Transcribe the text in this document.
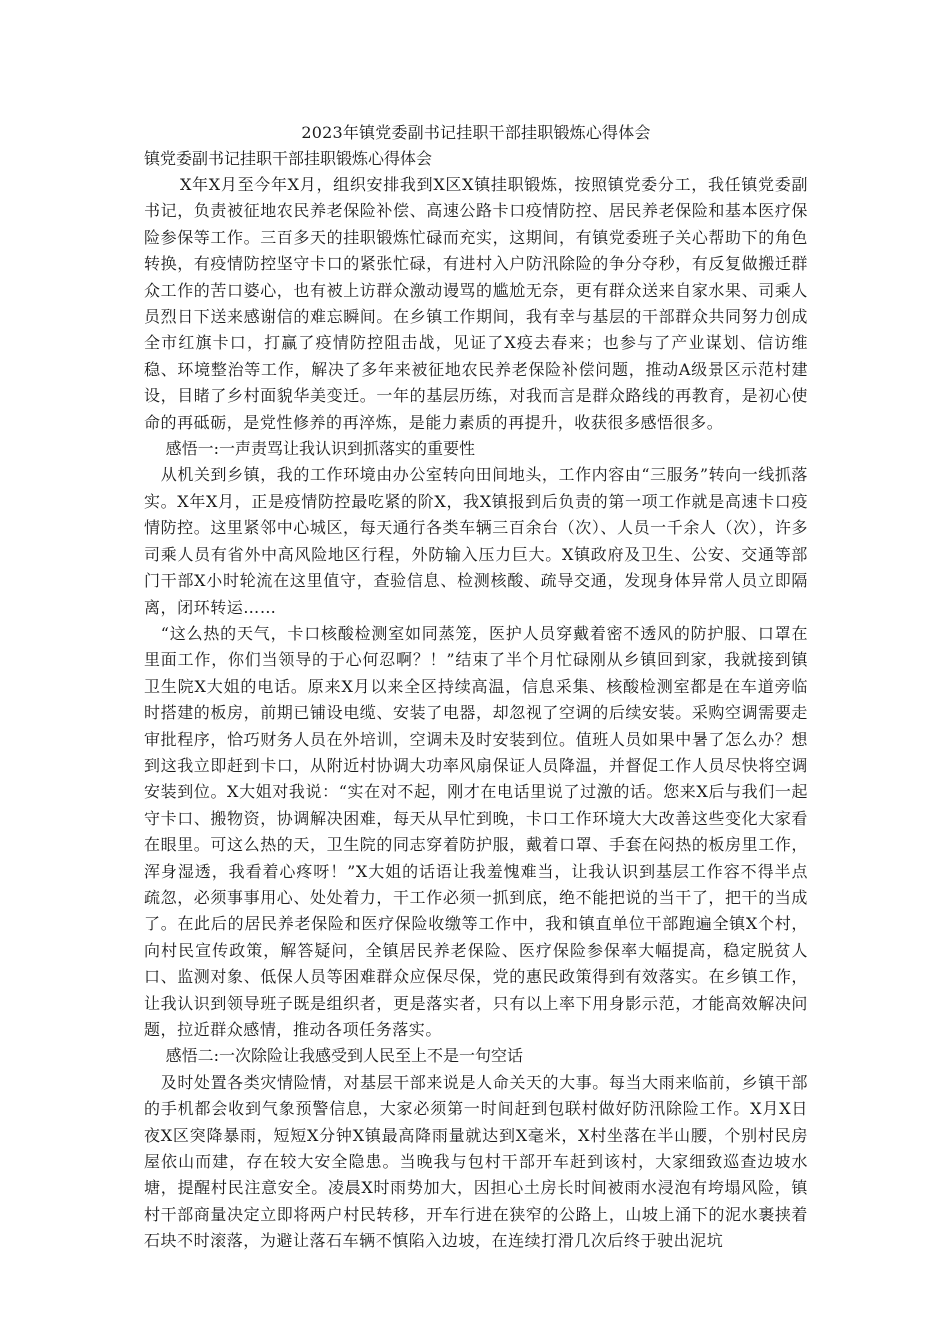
2023年镇党委副书记挂职干部挂职锻炼心得体会

镇党委副书记挂职干部挂职锻炼心得体会

X年X月至今年X月，组织安排我到X区X镇挂职锻炼，按照镇党委分工，我任镇党委副书记，负责被征地农民养老保险补偿、高速公路卡口疫情防控、居民养老保险和基本医疗保险参保等工作。三百多天的挂职锻炼忙碌而充实，这期间，有镇党委班子关心帮助下的角色转换，有疫情防控坚守卡口的紧张忙碌，有进村入户防汛除险的争分夺秒，有反复做搬迁群众工作的苦口婆心，也有被上访群众激动谩骂的尴尬无奈，更有群众送来自家水果、司乘人员烈日下送来感谢信的难忘瞬间。在乡镇工作期间，我有幸与基层的干部群众共同努力创成全市红旗卡口，打赢了疫情防控阻击战，见证了X疫去春来；也参与了产业谋划、信访维稳、环境整治等工作，解决了多年来被征地农民养老保险补偿问题，推动A级景区示范村建设，目睹了乡村面貌华美变迁。一年的基层历练，对我而言是群众路线的再教育，是初心使命的再砥砺，是党性修养的再淬炼，是能力素质的再提升，收获很多感悟很多。

感悟一:一声责骂让我认识到抓落实的重要性

从机关到乡镇，我的工作环境由办公室转向田间地头，工作内容由“三服务”转向一线抓落实。X年X月，正是疫情防控最吃紧的阶X，我X镇报到后负责的第一项工作就是高速卡口疫情防控。这里紧邻中心城区，每天通行各类车辆三百余台（次）、人员一千余人（次），许多司乘人员有省外中高风险地区行程，外防输入压力巨大。X镇政府及卫生、公安、交通等部门干部X小时轮流在这里值守，查验信息、检测核酸、疏导交通，发现身体异常人员立即隔离，闭环转运……

“这么热的天气，卡口核酸检测室如同蒸笼，医护人员穿戴着密不透风的防护服、口罩在里面工作，你们当领导的于心何忍啊？！”结束了半个月忙碌刚从乡镇回到家，我就接到镇卫生院X大姐的电话。原来X月以来全区持续高温，信息采集、核酸检测室都是在车道旁临时搭建的板房，前期已铺设电缆、安装了电器，却忽视了空调的后续安装。采购空调需要走审批程序，恰巧财务人员在外培训，空调未及时安装到位。值班人员如果中暑了怎么办？想到这我立即赶到卡口，从附近村协调大功率风扇保证人员降温，并督促工作人员尽快将空调安装到位。X大姐对我说：“实在对不起，刚才在电话里说了过激的话。您来X后与我们一起守卡口、搬物资，协调解决困难，每天从早忙到晚，卡口工作环境大大改善这些变化大家看在眼里。可这么热的天，卫生院的同志穿着防护服，戴着口罩、手套在闷热的板房里工作，浑身湿透，我看着心疼呀！”X大姐的话语让我羞愧难当，让我认识到基层工作容不得半点疏忽，必须事事用心、处处着力，干工作必须一抓到底，绝不能把说的当干了，把干的当成了。在此后的居民养老保险和医疗保险收缴等工作中，我和镇直单位干部跑遍全镇X个村，向村民宣传政策，解答疑问，全镇居民养老保险、医疗保险参保率大幅提高，稳定脱贫人口、监测对象、低保人员等困难群众应保尽保，党的惠民政策得到有效落实。在乡镇工作，让我认识到领导班子既是组织者，更是落实者，只有以上率下用身影示范，才能高效解决问题，拉近群众感情，推动各项任务落实。

感悟二:一次除险让我感受到人民至上不是一句空话

及时处置各类灾情险情，对基层干部来说是人命关天的大事。每当大雨来临前，乡镇干部的手机都会收到气象预警信息，大家必须第一时间赶到包联村做好防汛除险工作。X月X日夜X区突降暴雨，短短X分钟X镇最高降雨量就达到X毫米，X村坐落在半山腰，个别村民房屋依山而建，存在较大安全隐患。当晚我与包村干部开车赶到该村，大家细致巡查边坡水塘，提醒村民注意安全。凌晨X时雨势加大，因担心土房长时间被雨水浸泡有垮塌风险，镇村干部商量决定立即将两户村民转移，开车行进在狭窄的公路上，山坡上涌下的泥水裹挟着石块不时滚落，为避让落石车辆不慎陷入边坡，在连续打滑几次后终于驶出泥坑
